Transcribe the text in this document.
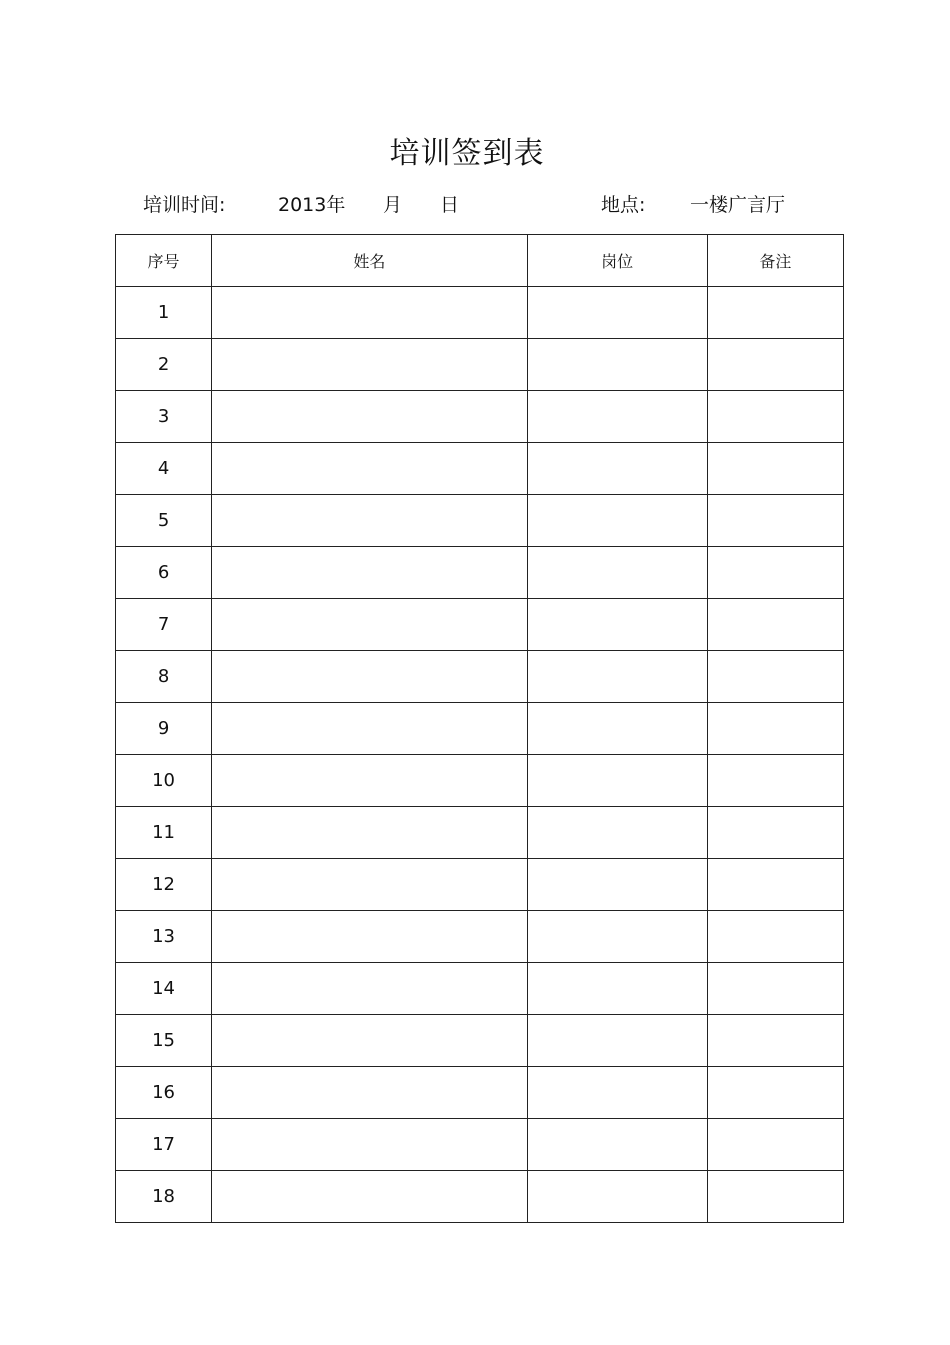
培训签到表
培训时间:	2013年 月 日	地点: 一楼广言厅
序号	姓名	岗位	备注
1			
2			
3			
4			
5			
6			
7			
8			
9			
10			
11			
12			
13			
14			
15			
16			
17			
18			
